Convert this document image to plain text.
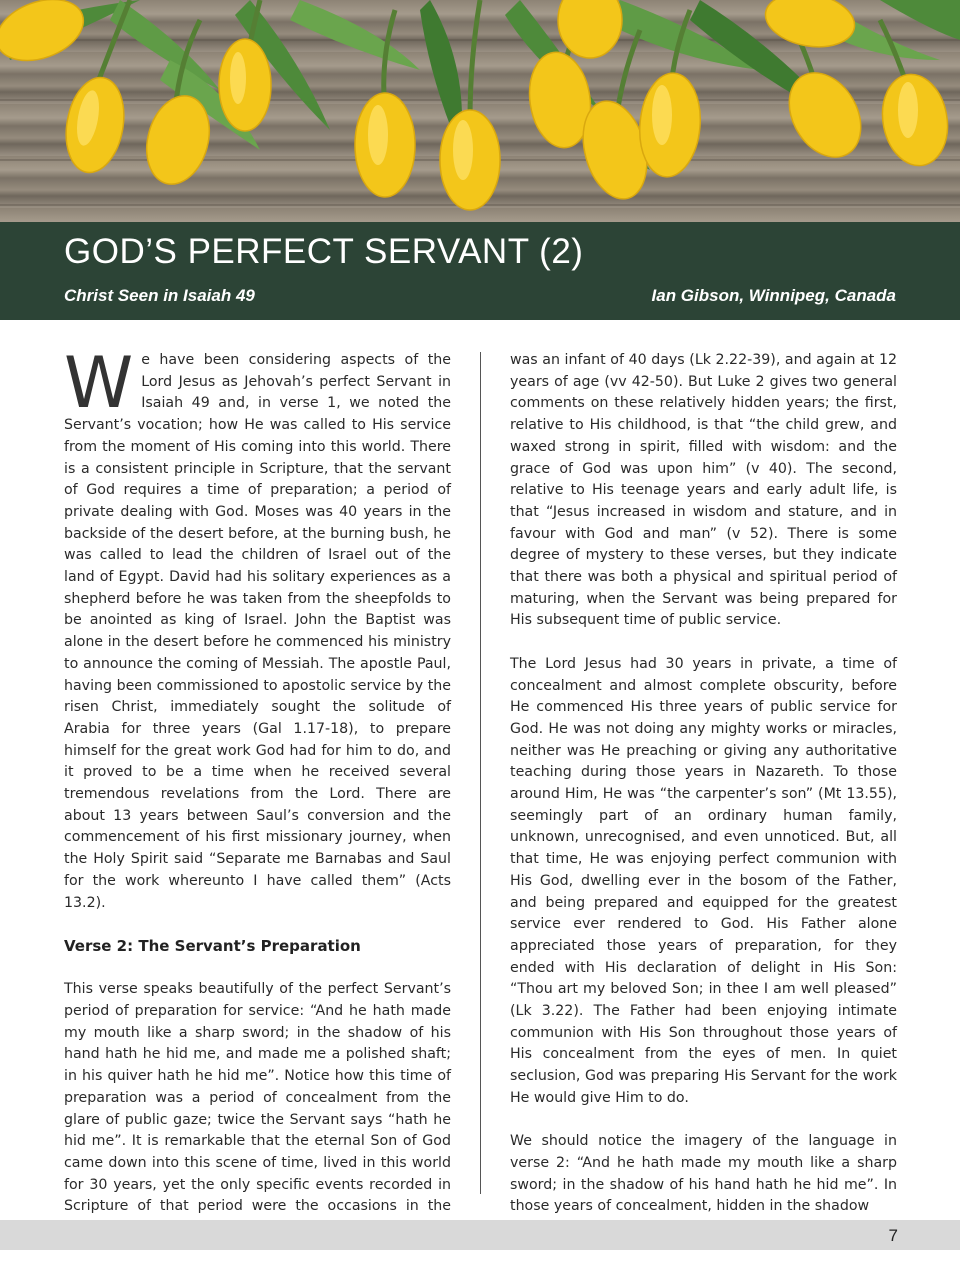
GOD’S PERFECT SERVANT (2)

Christ Seen in Isaiah 49	Ian Gibson, Winnipeg, Canada

We have been considering aspects of the Lord Jesus as Jehovah’s perfect Servant in Isaiah 49 and, in verse 1, we noted the Servant’s vocation; how He was called to His service from the moment of His coming into this world. There is a consistent principle in Scripture, that the servant of God requires a time of preparation; a period of private dealing with God. Moses was 40 years in the backside of the desert before, at the burning bush, he was called to lead the children of Israel out of the land of Egypt. David had his solitary experiences as a shepherd before he was taken from the sheepfolds to be anointed as king of Israel. John the Baptist was alone in the desert before he commenced his ministry to announce the coming of Messiah. The apostle Paul, having been commissioned to apostolic service by the risen Christ, immediately sought the solitude of Arabia for three years (Gal 1.17-18), to prepare himself for the great work God had for him to do, and it proved to be a time when he received several tremendous revelations from the Lord. There are about 13 years between Saul’s conversion and the commencement of his first missionary journey, when the Holy Spirit said “Separate me Barnabas and Saul for the work whereunto I have called them” (Acts 13.2).

Verse 2: The Servant’s Preparation

This verse speaks beautifully of the perfect Servant’s period of preparation for service: “And he hath made my mouth like a sharp sword; in the shadow of his hand hath he hid me, and made me a polished shaft; in his quiver hath he hid me”. Notice how this time of preparation was a period of concealment from the glare of public gaze; twice the Servant says “hath he hid me”. It is remarkable that the eternal Son of God came down into this scene of time, lived in this world for 30 years, yet the only specific events recorded in Scripture of that period were the occasions in the

was an infant of 40 days (Lk 2.22-39), and again at 12 years of age (vv 42-50). But Luke 2 gives two general comments on these relatively hidden years; the first, relative to His childhood, is that “the child grew, and waxed strong in spirit, filled with wisdom: and the grace of God was upon him” (v 40). The second, relative to His teenage years and early adult life, is that “Jesus increased in wisdom and stature, and in favour with God and man” (v 52). There is some degree of mystery to these verses, but they indicate that there was both a physical and spiritual period of maturing, when the Servant was being prepared for His subsequent time of public service.

The Lord Jesus had 30 years in private, a time of concealment and almost complete obscurity, before He commenced His three years of public service for God. He was not doing any mighty works or miracles, neither was He preaching or giving any authoritative teaching during those years in Nazareth. To those around Him, He was “the carpenter’s son” (Mt 13.55), seemingly part of an ordinary human family, unknown, unrecognised, and even unnoticed. But, all that time, He was enjoying perfect communion with His God, dwelling ever in the bosom of the Father, and being prepared and equipped for the greatest service ever rendered to God. His Father alone appreciated those years of preparation, for they ended with His declaration of delight in His Son: “Thou art my beloved Son; in thee I am well pleased” (Lk 3.22). The Father had been enjoying intimate communion with His Son throughout those years of His concealment from the eyes of men. In quiet seclusion, God was preparing His Servant for the work He would give Him to do.

We should notice the imagery of the language in verse 2: “And he hath made my mouth like a sharp sword; in the shadow of his hand hath he hid me”. In those years of concealment, hidden in the shadow

7
